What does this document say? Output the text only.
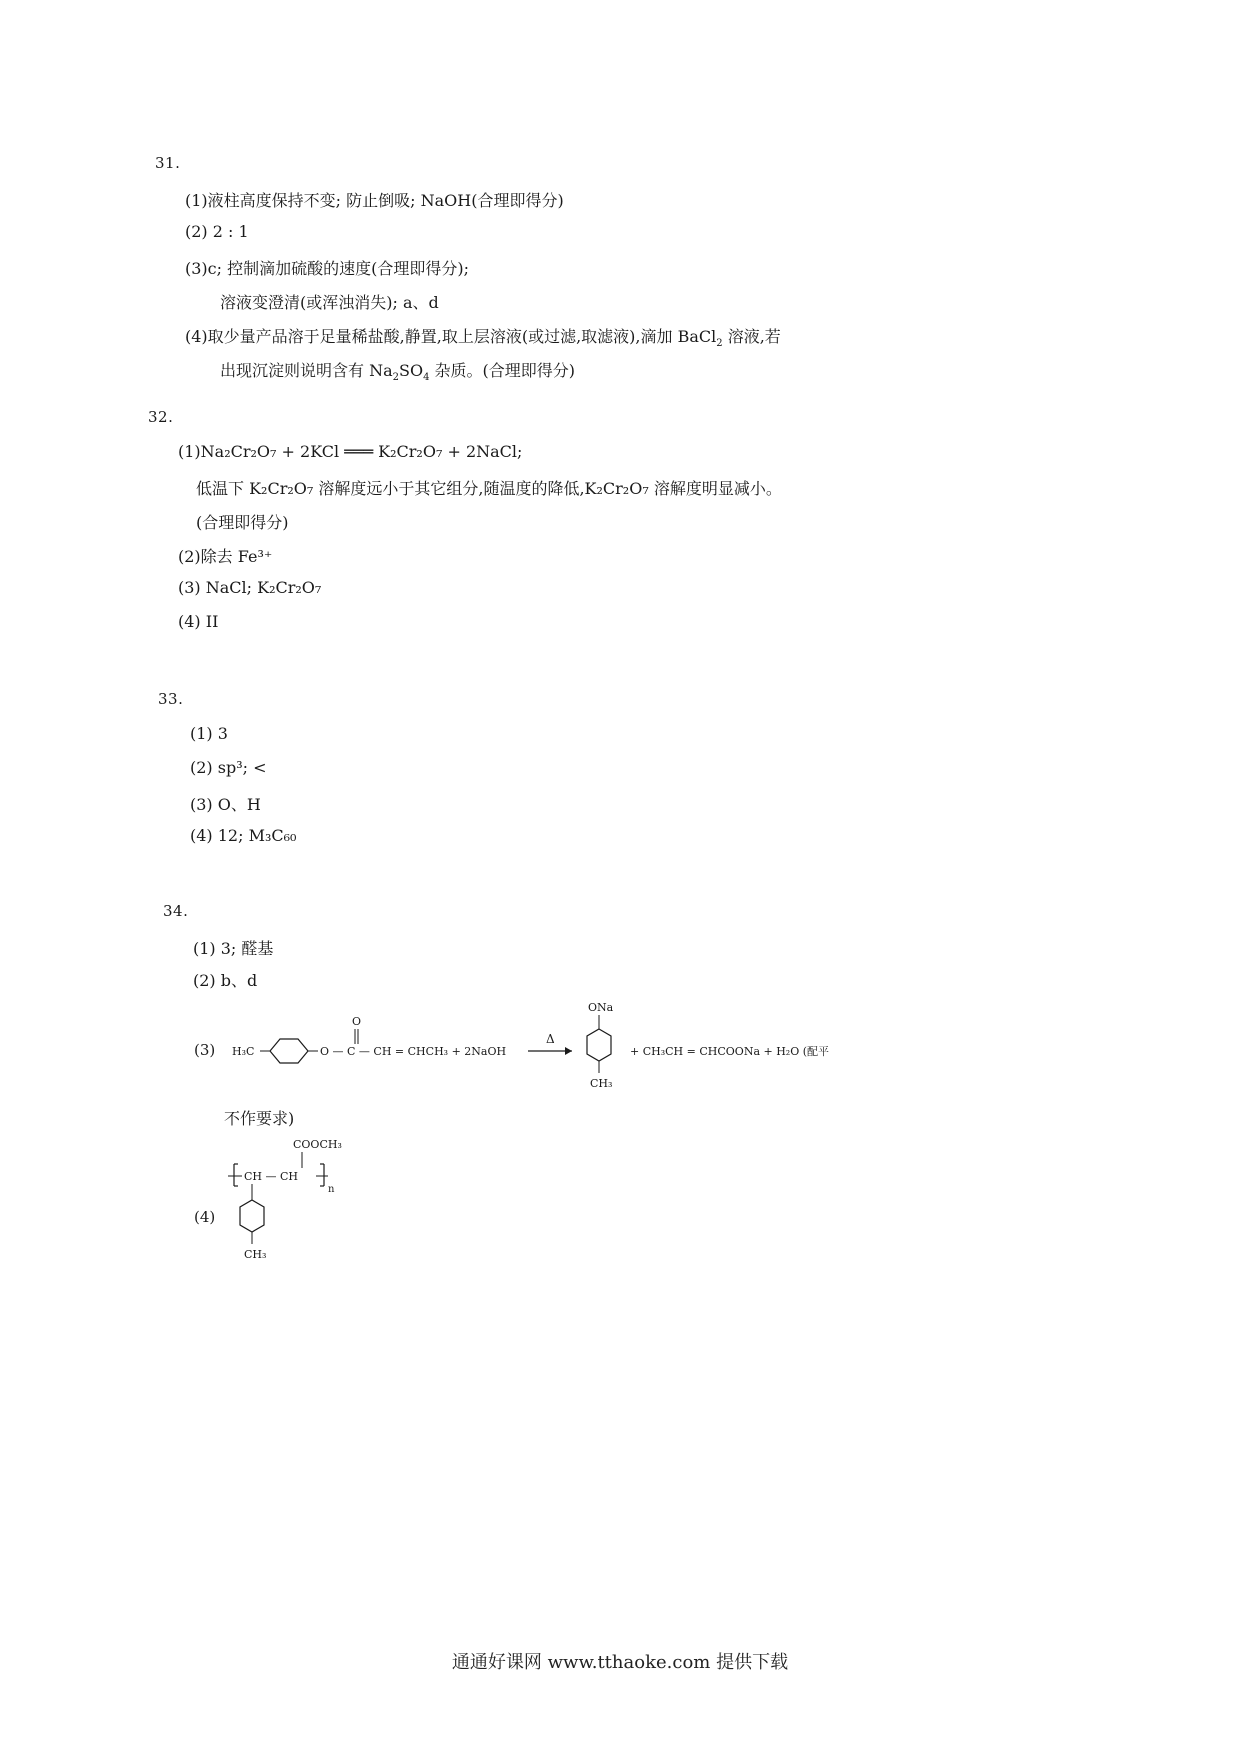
31.
(1)液柱高度保持不变; 防止倒吸; NaOH(合理即得分)
(2) 2 : 1
(3)c; 控制滴加硫酸的速度(合理即得分);
溶液变澄清(或浑浊消失); a、d
(4)取少量产品溶于足量稀盐酸,静置,取上层溶液(或过滤,取滤液),滴加 BaCl$_2$ 溶液,若
出现沉淀则说明含有 $Na_2SO_4$ 杂质。(合理即得分)
32.
(1)Na₂Cr₂O₇ + 2KCl ═══ K₂Cr₂O₇ + 2NaCl;
低温下 K₂Cr₂O₇ 溶解度远小于其它组分,随温度的降低,K₂Cr₂O₇ 溶解度明显减小。
(合理即得分)
(2)除去 Fe³⁺
(3) NaCl; K₂Cr₂O₇
(4) II
33.
(1) 3
(2) sp³; <
(3) O、H
(4) 12; M₃C₆₀
34.
(1) 3; 醛基
(2) b、d
(3) H₃C	O — C — CH = CHCH₃ + 2NaOH
O
Δ
ONa
CH₃
+ CH₃CH = CHCOONa + H₂O (配平
不作要求)
COOCH₃
CH — CH
n
CH₃
(4)
通通好课网 www.tthaoke.com 提供下载
